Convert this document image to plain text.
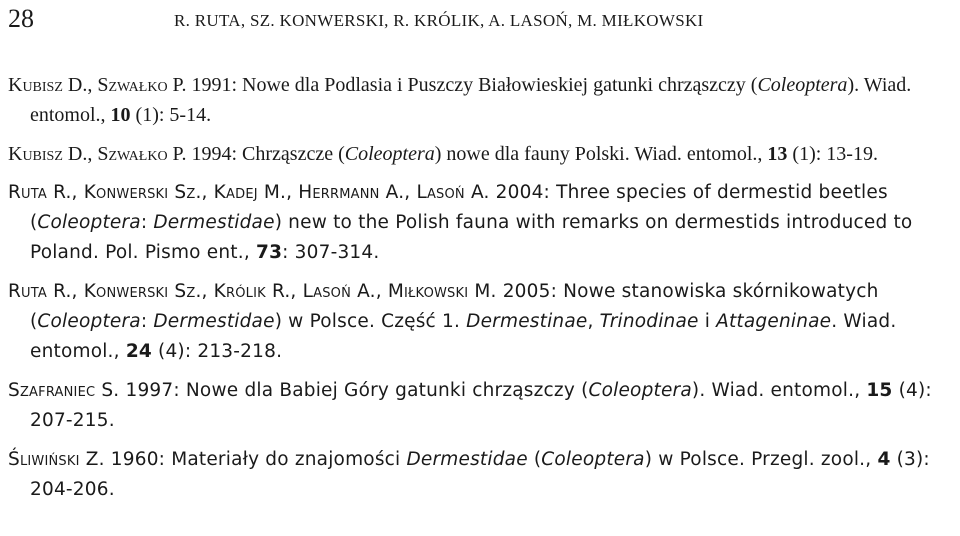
28	R. RUTA, SZ. KONWERSKI, R. KRÓLIK, A. LASOŃ, M. MIŁKOWSKI

Kubisz D., Szwałko P. 1991: Nowe dla Podlasia i Puszczy Białowieskiej gatunki chrząszczy (Coleoptera). Wiad. entomol., 10 (1): 5-14.

Kubisz D., Szwałko P. 1994: Chrząszcze (Coleoptera) nowe dla fauny Polski. Wiad. entomol., 13 (1): 13-19.

Ruta R., Konwerski Sz., Kadej M., Herrmann A., Lasoń A. 2004: Three species of dermestid beetles (Coleoptera: Dermestidae) new to the Polish fauna with remarks on dermestids introduced to Poland. Pol. Pismo ent., 73: 307-314.

Ruta R., Konwerski Sz., Królik R., Lasoń A., Miłkowski M. 2005: Nowe stanowiska skórnikowatych (Coleoptera: Dermestidae) w Polsce. Część 1. Dermestinae, Trinodinae i Attageninae. Wiad. entomol., 24 (4): 213-218.

Szafraniec S. 1997: Nowe dla Babiej Góry gatunki chrząszczy (Coleoptera). Wiad. entomol., 15 (4): 207-215.

Śliwiński Z. 1960: Materiały do znajomości Dermestidae (Coleoptera) w Polsce. Przegl. zool., 4 (3): 204-206.
